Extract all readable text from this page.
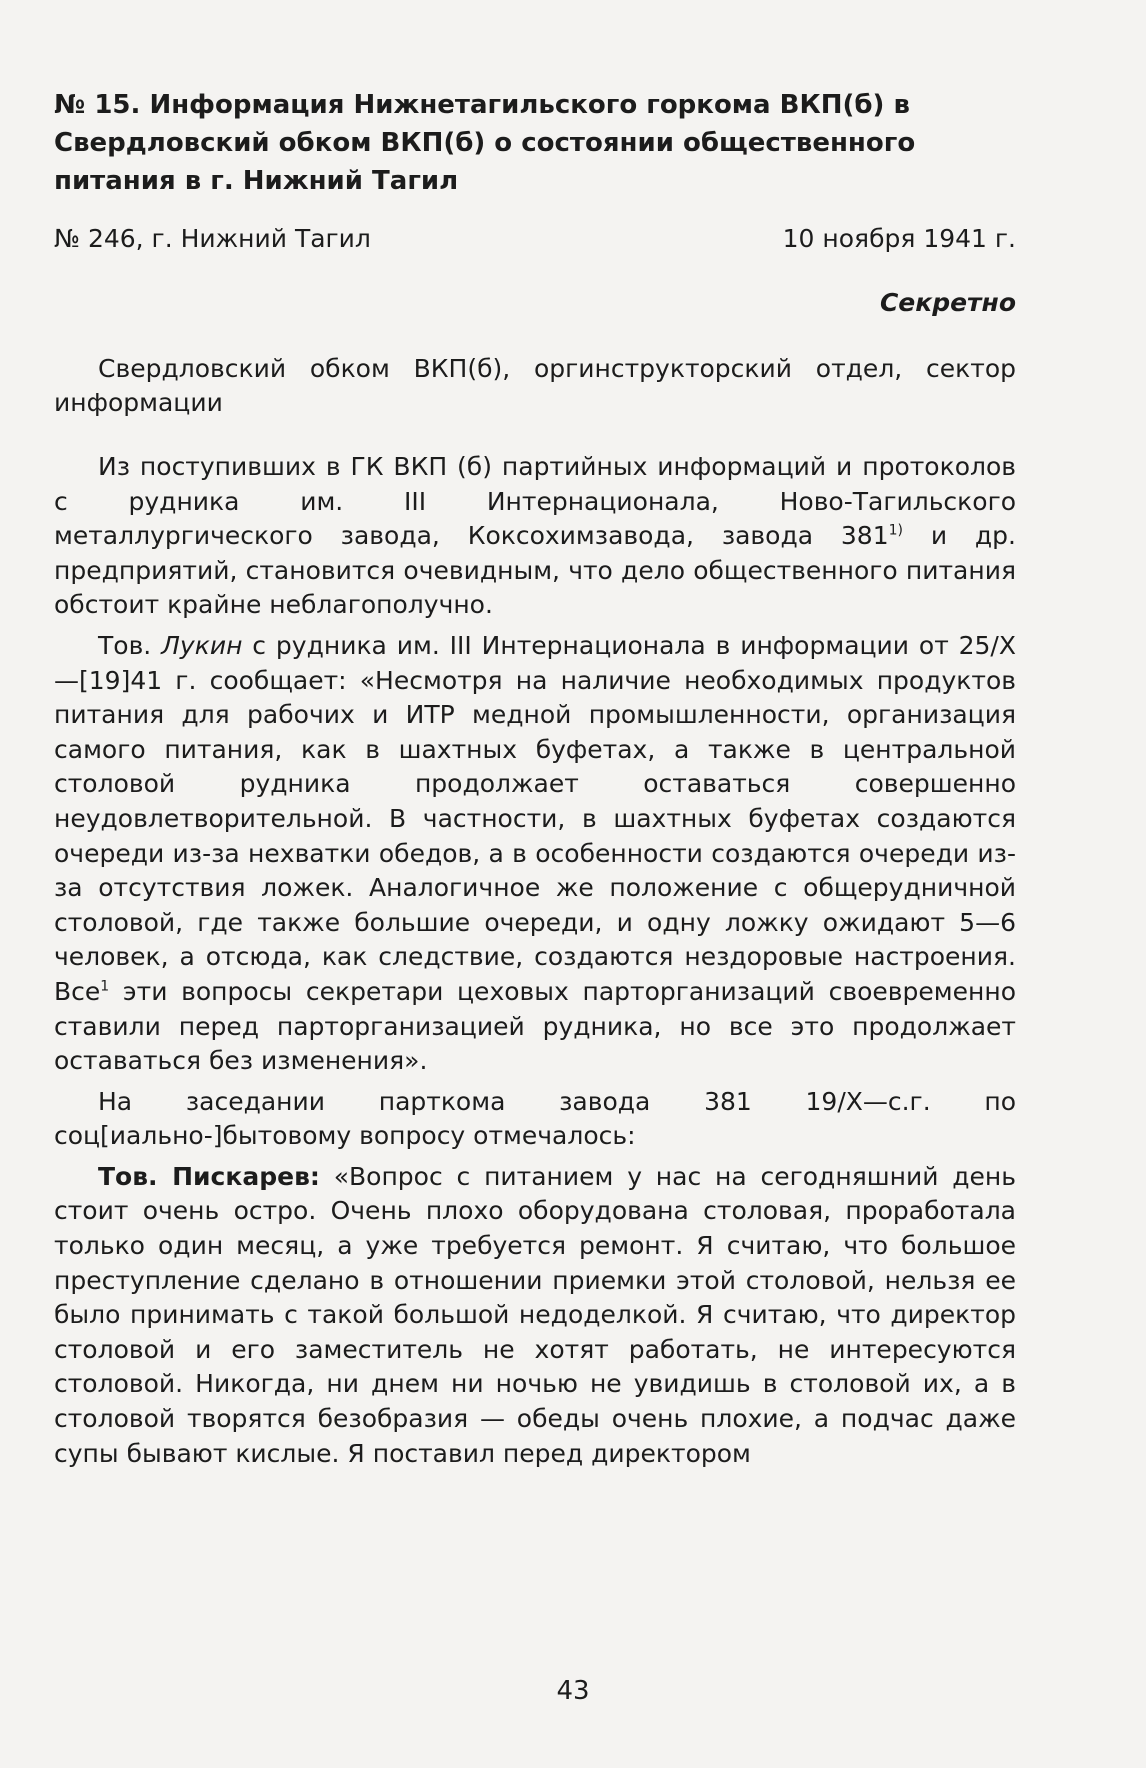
№ 15. Информация Нижнетагильского горкома ВКП(б) в Свердловский обком ВКП(б) о состоянии общественного питания в г. Нижний Тагил
№ 246, г. Нижний Тагил	10 ноября 1941 г.
Секретно
Свердловский обком ВКП(б), оргинструкторский отдел, сектор информации

Из поступивших в ГК ВКП (б) партийных информаций и протоколов с рудника им. III Интернационала, Ново-Тагильского металлургического завода, Коксохимзавода, завода 381$^{1)}$ и др. предприятий, становится очевидным, что дело общественного питания обстоит крайне неблагополучно.

Тов. Лукин с рудника им. III Интернационала в информации от 25/X—[19]41 г. сообщает: «Несмотря на наличие необходимых продуктов питания для рабочих и ИТР медной промышленности, организация самого питания, как в шахтных буфетах, а также в центральной столовой рудника продолжает оставаться совершенно неудовлетворительной. В частности, в шахтных буфетах создаются очереди из-за нехватки обедов, а в особенности создаются очереди из-за отсутствия ложек. Аналогичное же положение с общерудничной столовой, где также большие очереди, и одну ложку ожидают 5—6 человек, а отсюда, как следствие, создаются нездоровые настроения. Все$^1$ эти вопросы секретари цеховых парторганизаций своевременно ставили перед парторганизацией рудника, но все это продолжает оставаться без изменения».

На заседании парткома завода 381 19/X—с.г. по соц[иально-]бытовому вопросу отмечалось:

Тов. Пискарев: «Вопрос с питанием у нас на сегодняшний день стоит очень остро. Очень плохо оборудована столовая, проработала только один месяц, а уже требуется ремонт. Я считаю, что большое преступление сделано в отношении приемки этой столовой, нельзя ее было принимать с такой большой недоделкой. Я считаю, что директор столовой и его заместитель не хотят работать, не интересуются столовой. Никогда, ни днем ни ночью не увидишь в столовой их, а в столовой творятся безобразия — обеды очень плохие, а подчас даже супы бывают кислые. Я поставил перед директором

43
